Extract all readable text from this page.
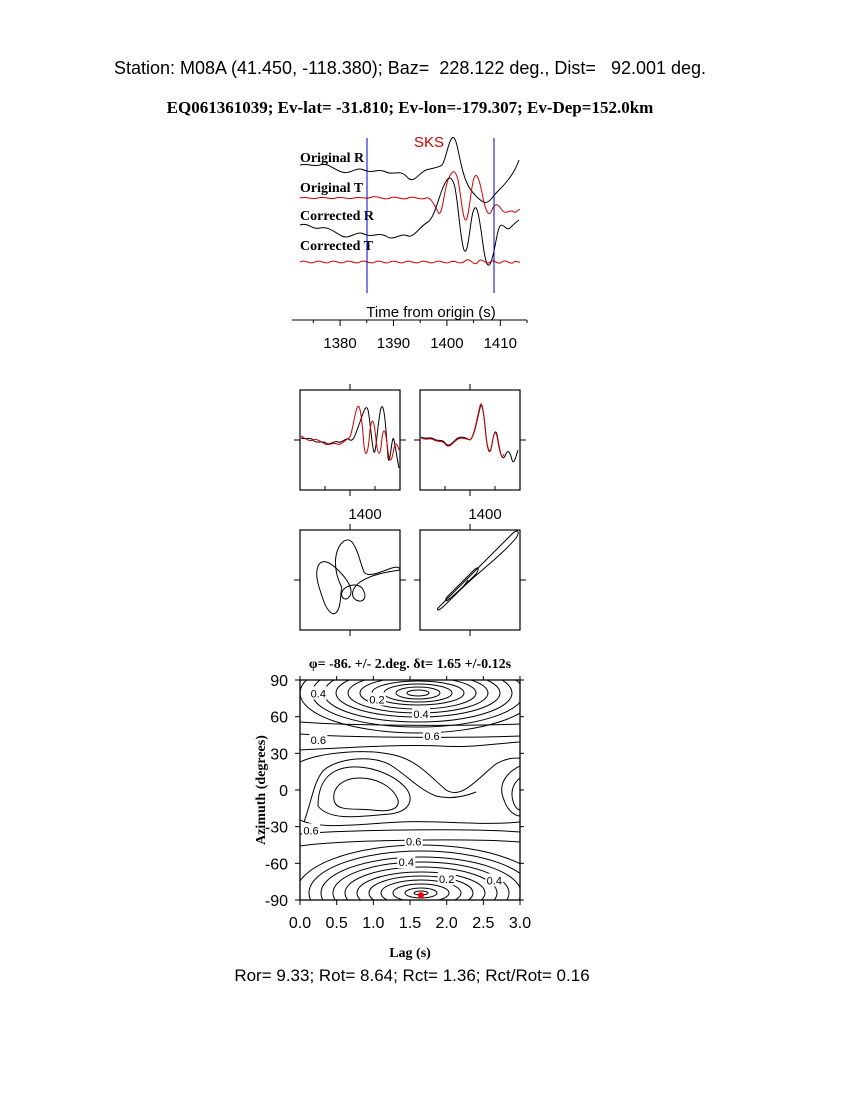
Station: M08A (41.450, -118.380); Baz=  228.122 deg., Dist=   92.001 deg.
EQ061361039; Ev-lat= -31.810; Ev-lon=-179.307; Ev-Dep=152.0km
SKS
Original R
Original T
Corrected R
Corrected T
Time from origin (s)
1380 1390 1400 1410
1400	1400
φ= -86. +/- 2.deg. δt= 1.65 +/-0.12s
0.4
0.2
0.4
0.6	0.6
0.6
0.6
0.4
0.2	0.4
0.0 0.5 1.0 1.5 2.0 2.5 3.0
90
60
30
0
-30
-60
-90
Lag (s)
Azimuth (degrees)
Ror= 9.33; Rot= 8.64; Rct= 1.36; Rct/Rot= 0.16
